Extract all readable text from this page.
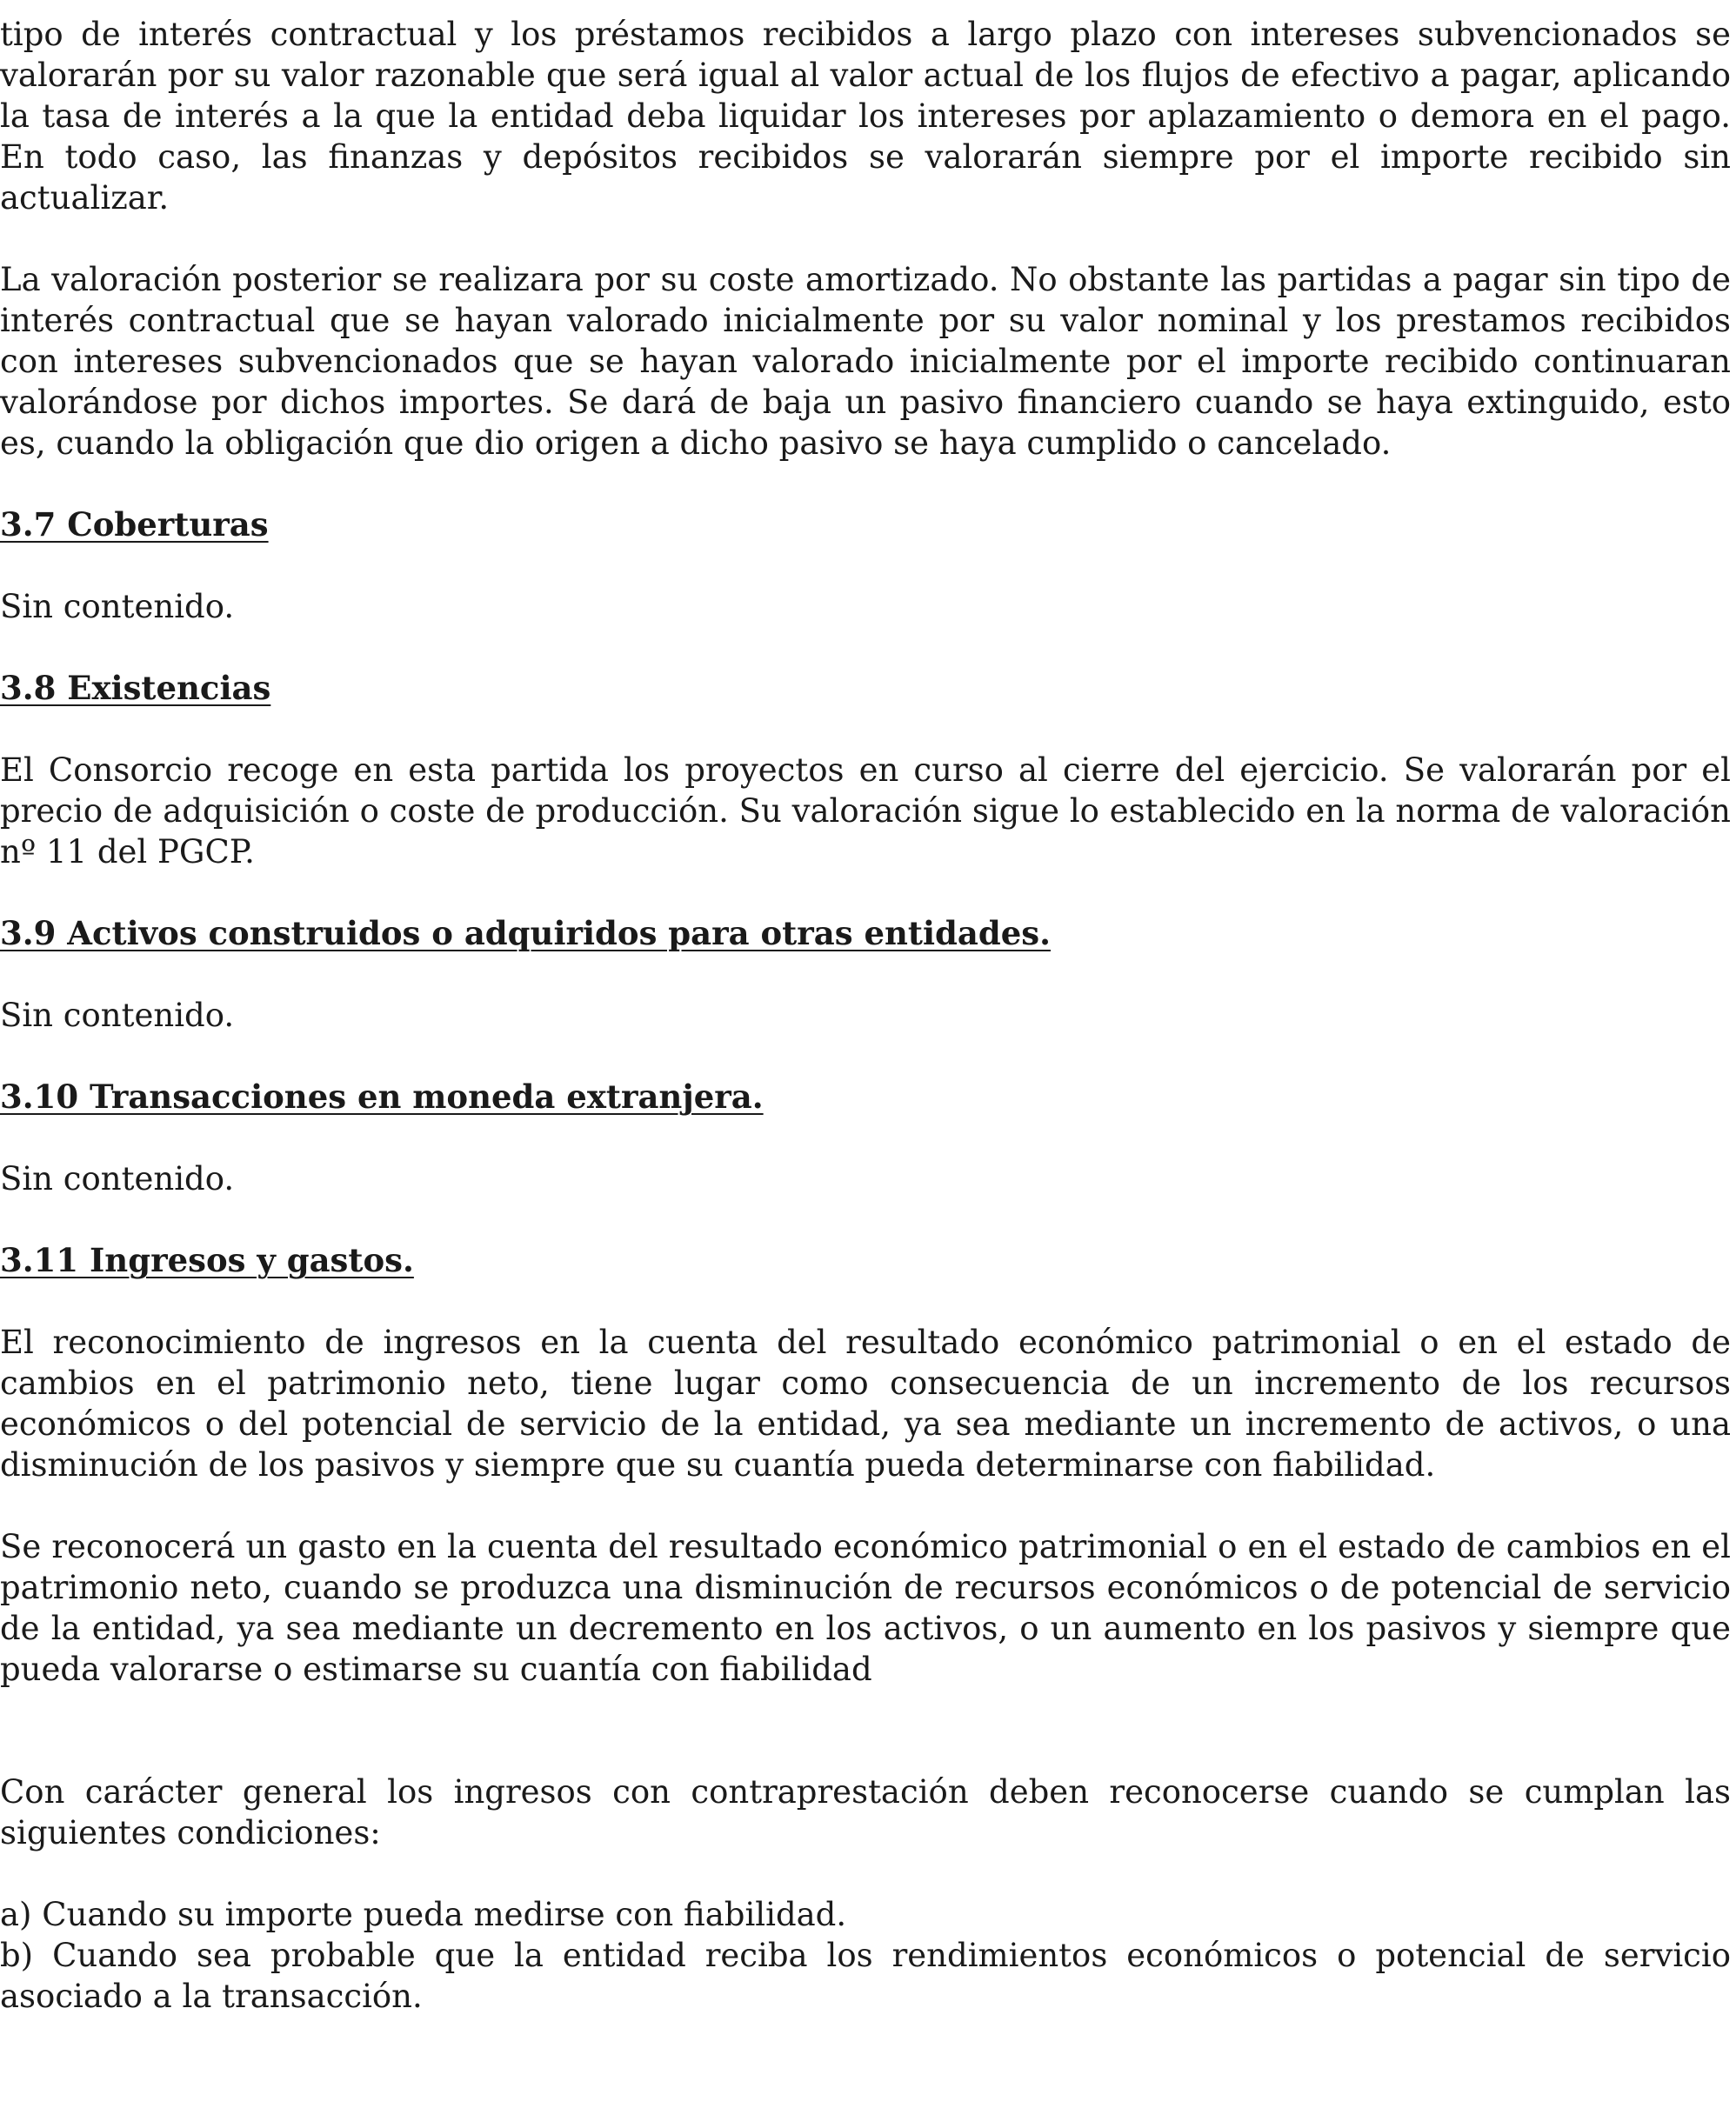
tipo de interés contractual y los préstamos recibidos a largo plazo con intereses subvencionados se valorarán por su valor razonable que será igual al valor actual de los flujos de efectivo a pagar, aplicando la tasa de interés a la que la entidad deba liquidar los intereses por aplazamiento o demora en el pago. En todo caso, las finanzas y depósitos recibidos se valorarán siempre por el importe recibido sin actualizar.

La valoración posterior se realizara por su coste amortizado. No obstante las partidas a pagar sin tipo de interés contractual que se hayan valorado inicialmente por su valor nominal y los prestamos recibidos con intereses subvencionados que se hayan valorado inicialmente por el importe recibido continuaran valorándose por dichos importes. Se dará de baja un pasivo financiero cuando se haya extinguido, esto es, cuando la obligación que dio origen a dicho pasivo se haya cumplido o cancelado.

3.7 Coberturas

Sin contenido.

3.8 Existencias

El Consorcio recoge en esta partida los proyectos en curso al cierre del ejercicio. Se valorarán por el precio de adquisición o coste de producción. Su valoración sigue lo establecido en la norma de valoración nº 11 del PGCP.

3.9 Activos construidos o adquiridos para otras entidades.

Sin contenido.

3.10 Transacciones en moneda extranjera.

Sin contenido.

3.11 Ingresos y gastos.

El reconocimiento de ingresos en la cuenta del resultado económico patrimonial o en el estado de cambios en el patrimonio neto, tiene lugar como consecuencia de un incremento de los recursos económicos o del potencial de servicio de la entidad, ya sea mediante un incremento de activos, o una disminución de los pasivos y siempre que su cuantía pueda determinarse con fiabilidad.

Se reconocerá un gasto en la cuenta del resultado económico patrimonial o en el estado de cambios en el patrimonio neto, cuando se produzca una disminución de recursos económicos o de potencial de servicio de la entidad, ya sea mediante un decremento en los activos, o un aumento en los pasivos y siempre que pueda valorarse o estimarse su cuantía con fiabilidad

Con carácter general los ingresos con contraprestación deben reconocerse cuando se cumplan las siguientes condiciones:

a) Cuando su importe pueda medirse con fiabilidad.

b) Cuando sea probable que la entidad reciba los rendimientos económicos o potencial de servicio asociado a la transacción.
